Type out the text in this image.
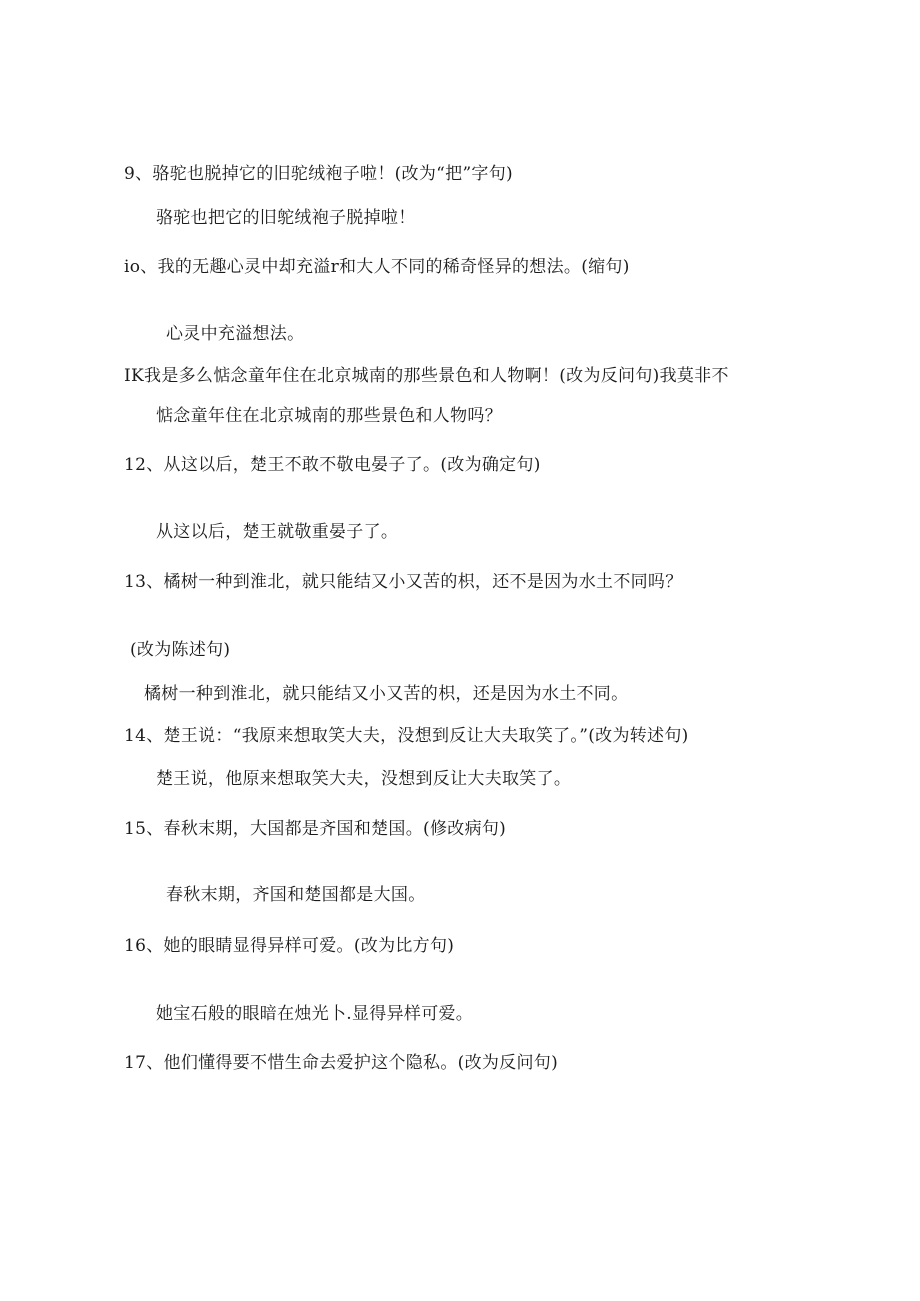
9、骆驼也脱掉它的旧驼绒袍子啦！(改为“把”字句)
骆驼也把它的旧鸵绒袍子脱掉啦！
io、我的无趣心灵中却充溢r和大人不同的稀奇怪异的想法。(缩句)
心灵中充溢想法。
IK我是多么惦念童年住在北京城南的那些景色和人物啊！(改为反问句)我莫非不
惦念童年住在北京城南的那些景色和人物吗？
12、从这以后，楚王不敢不敬电晏子了。(改为确定句)
从这以后，楚王就敬重晏子了。
13、橘树一种到淮北，就只能结又小又苦的枳，还不是因为水土不同吗？
(改为陈述句)
橘树一种到淮北，就只能结又小又苦的枳，还是因为水土不同。
14、楚王说：“我原来想取笑大夫，没想到反让大夫取笑了。”(改为转述句)
楚王说，他原来想取笑大夫，没想到反让大夫取笑了。
15、春秋末期，大国都是齐国和楚国。(修改病句)
春秋末期，齐国和楚国都是大国。
16、她的眼睛显得异样可爱。(改为比方句)
她宝石般的眼暗在烛光卜.显得异样可爱。
17、他们懂得要不惜生命去爱护这个隐私。(改为反问句)
